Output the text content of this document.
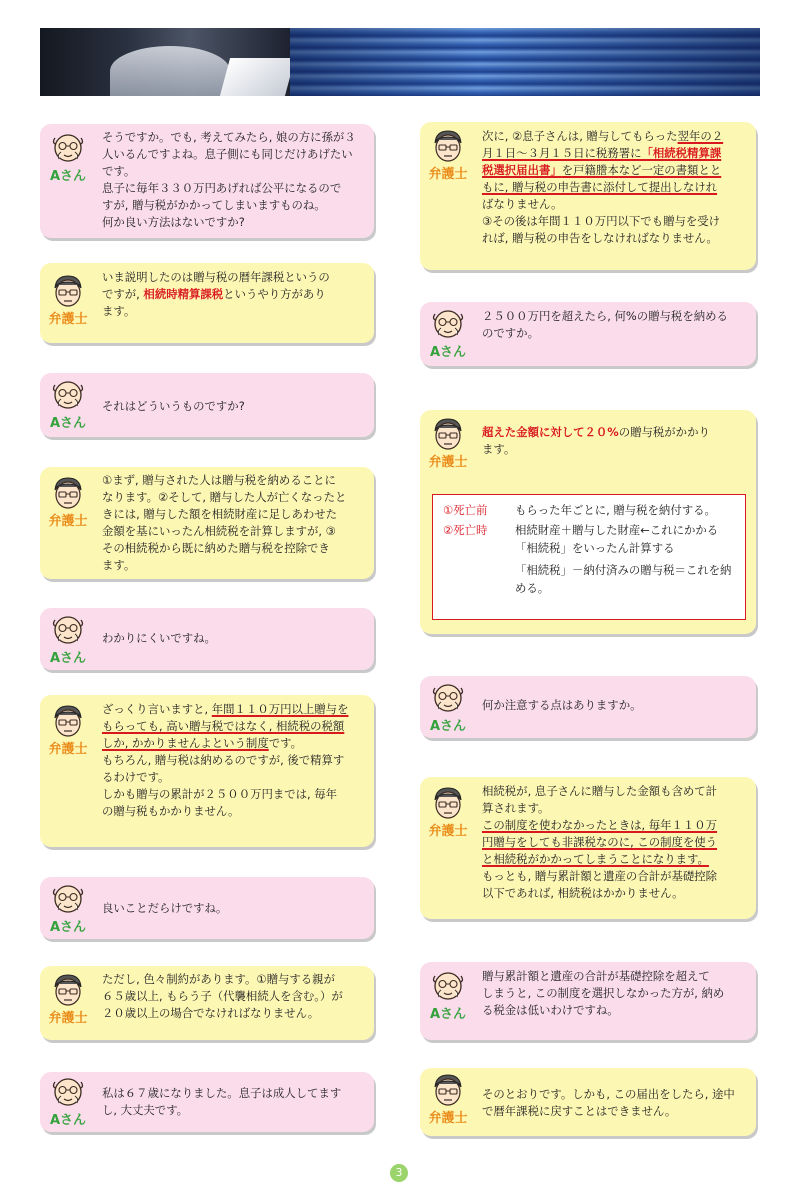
Aさん
そうですか。でも, 考えてみたら, 娘の方に孫が３
人いるんですよね。息子側にも同じだけあげたい
です。
息子に毎年３３０万円あげれば公平になるので
すが, 贈与税がかかってしまいますものね。
何か良い方法はないですか?
弁護士
いま説明したのは贈与税の暦年課税というの
ですが, 相続時精算課税というやり方があり
ます。
Aさん
それはどういうものですか?
弁護士
①まず, 贈与された人は贈与税を納めることに
なります。②そして, 贈与した人が亡くなったと
きには, 贈与した額を相続財産に足しあわせた
金額を基にいったん相続税を計算しますが, ③
その相続税から既に納めた贈与税を控除でき
ます。
Aさん
わかりにくいですね。
弁護士
ざっくり言いますと, 年間１１０万円以上贈与を
もらっても, 高い贈与税ではなく, 相続税の税額
しか, かかりませんよという制度です。
もちろん, 贈与税は納めるのですが, 後で精算す
るわけです。
しかも贈与の累計が２５００万円までは, 毎年
の贈与税もかかりません。
Aさん
良いことだらけですね。
弁護士
ただし, 色々制約があります。①贈与する親が
６５歳以上, もらう子（代襲相続人を含む。）が
２０歳以上の場合でなければなりません。
Aさん
私は６７歳になりました。息子は成人してます
し, 大丈夫です。
弁護士
次に, ②息子さんは, 贈与してもらった翌年の２
月１日～３月１５日に税務署に「相続税精算課
税選択届出書」を戸籍謄本など一定の書類とと
もに, 贈与税の申告書に添付して提出しなけれ
ばなりません。
③その後は年間１１０万円以下でも贈与を受け
れば, 贈与税の申告をしなければなりません。
Aさん
２５００万円を超えたら, 何%の贈与税を納める
のですか。
弁護士
超えた金額に対して２０%の贈与税がかかり
ます。
①死亡前 もらった年ごとに, 贈与税を納付する。
②死亡時 相続財産＋贈与した財産←これにかかる
「相続税」をいったん計算する
「相続税」－納付済みの贈与税＝これを納
める。
Aさん
何か注意する点はありますか。
弁護士
相続税が, 息子さんに贈与した金額も含めて計
算されます。
この制度を使わなかったときは, 毎年１１０万
円贈与をしても非課税なのに, この制度を使う
と相続税がかかってしまうことになります。
もっとも, 贈与累計額と遺産の合計が基礎控除
以下であれば, 相続税はかかりません。
Aさん
贈与累計額と遺産の合計が基礎控除を超えて
しまうと, この制度を選択しなかった方が, 納め
る税金は低いわけですね。
弁護士
そのとおりです。しかも, この届出をしたら, 途中
で暦年課税に戻すことはできません。
3
